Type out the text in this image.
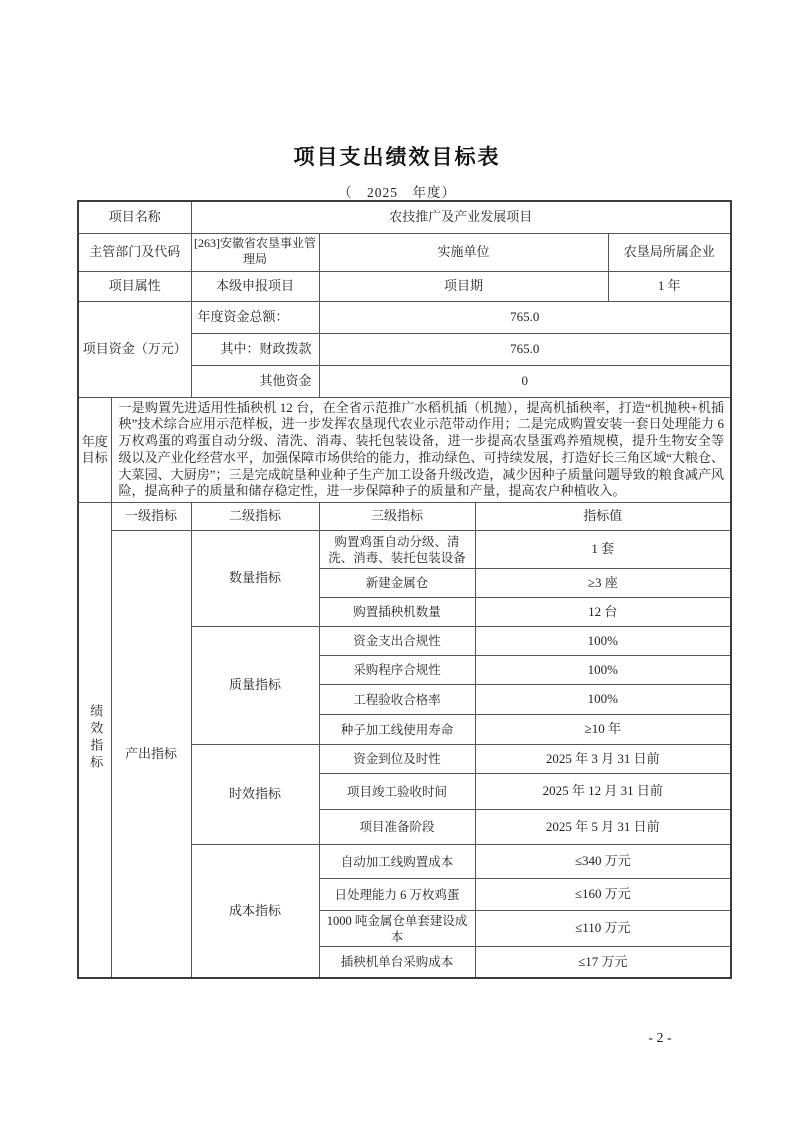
项目支出绩效目标表
（　2025　年度）
项目名称		农技推广及产业发展项目			
主管部门及代码		[263]安徽省农垦事业管理局	实施单位		农垦局所属企业
项目属性		本级申报项目	项目期		1 年
项目资金（万元）		年度资金总额：	765.0		
		其中：财政拨款	765.0		
		其他资金	0		
年度目标	一是购置先进适用性插秧机 12 台，在全省示范推广水稻机插（机抛），提高机插秧率，打造“机抛秧+机插秧”技术综合应用示范样板，进一步发挥农垦现代农业示范带动作用；二是完成购置安装一套日处理能力 6 万枚鸡蛋的鸡蛋自动分级、清洗、消毒、装托包装设备，进一步提高农垦蛋鸡养殖规模，提升生物安全等级以及产业化经营水平，加强保障市场供给的能力，推动绿色、可持续发展，打造好长三角区域“大粮仓、大菜园、大厨房”；三是完成皖垦种业种子生产加工设备升级改造，减少因种子质量问题导致的粮食减产风险，提高种子的质量和储存稳定性，进一步保障种子的质量和产量，提高农户种植收入。				
绩效指标	一级指标	二级指标	三级指标	指标值	
	产出指标	数量指标	购置鸡蛋自动分级、清洗、消毒、装托包装设备	1 套	
			新建金属仓	≥3 座	
			购置插秧机数量	12 台	
		质量指标	资金支出合规性	100%	
			采购程序合规性	100%	
			工程验收合格率	100%	
			种子加工线使用寿命	≥10 年	
		时效指标	资金到位及时性	2025 年 3 月 31 日前	
			项目竣工验收时间	2025 年 12 月 31 日前	
			项目准备阶段	2025 年 5 月 31 日前	
		成本指标	自动加工线购置成本	≤340 万元	
			日处理能力 6 万枚鸡蛋	≤160 万元	
			1000 吨金属仓单套建设成本	≤110 万元	
			插秧机单台采购成本	≤17 万元	
- 2 -
